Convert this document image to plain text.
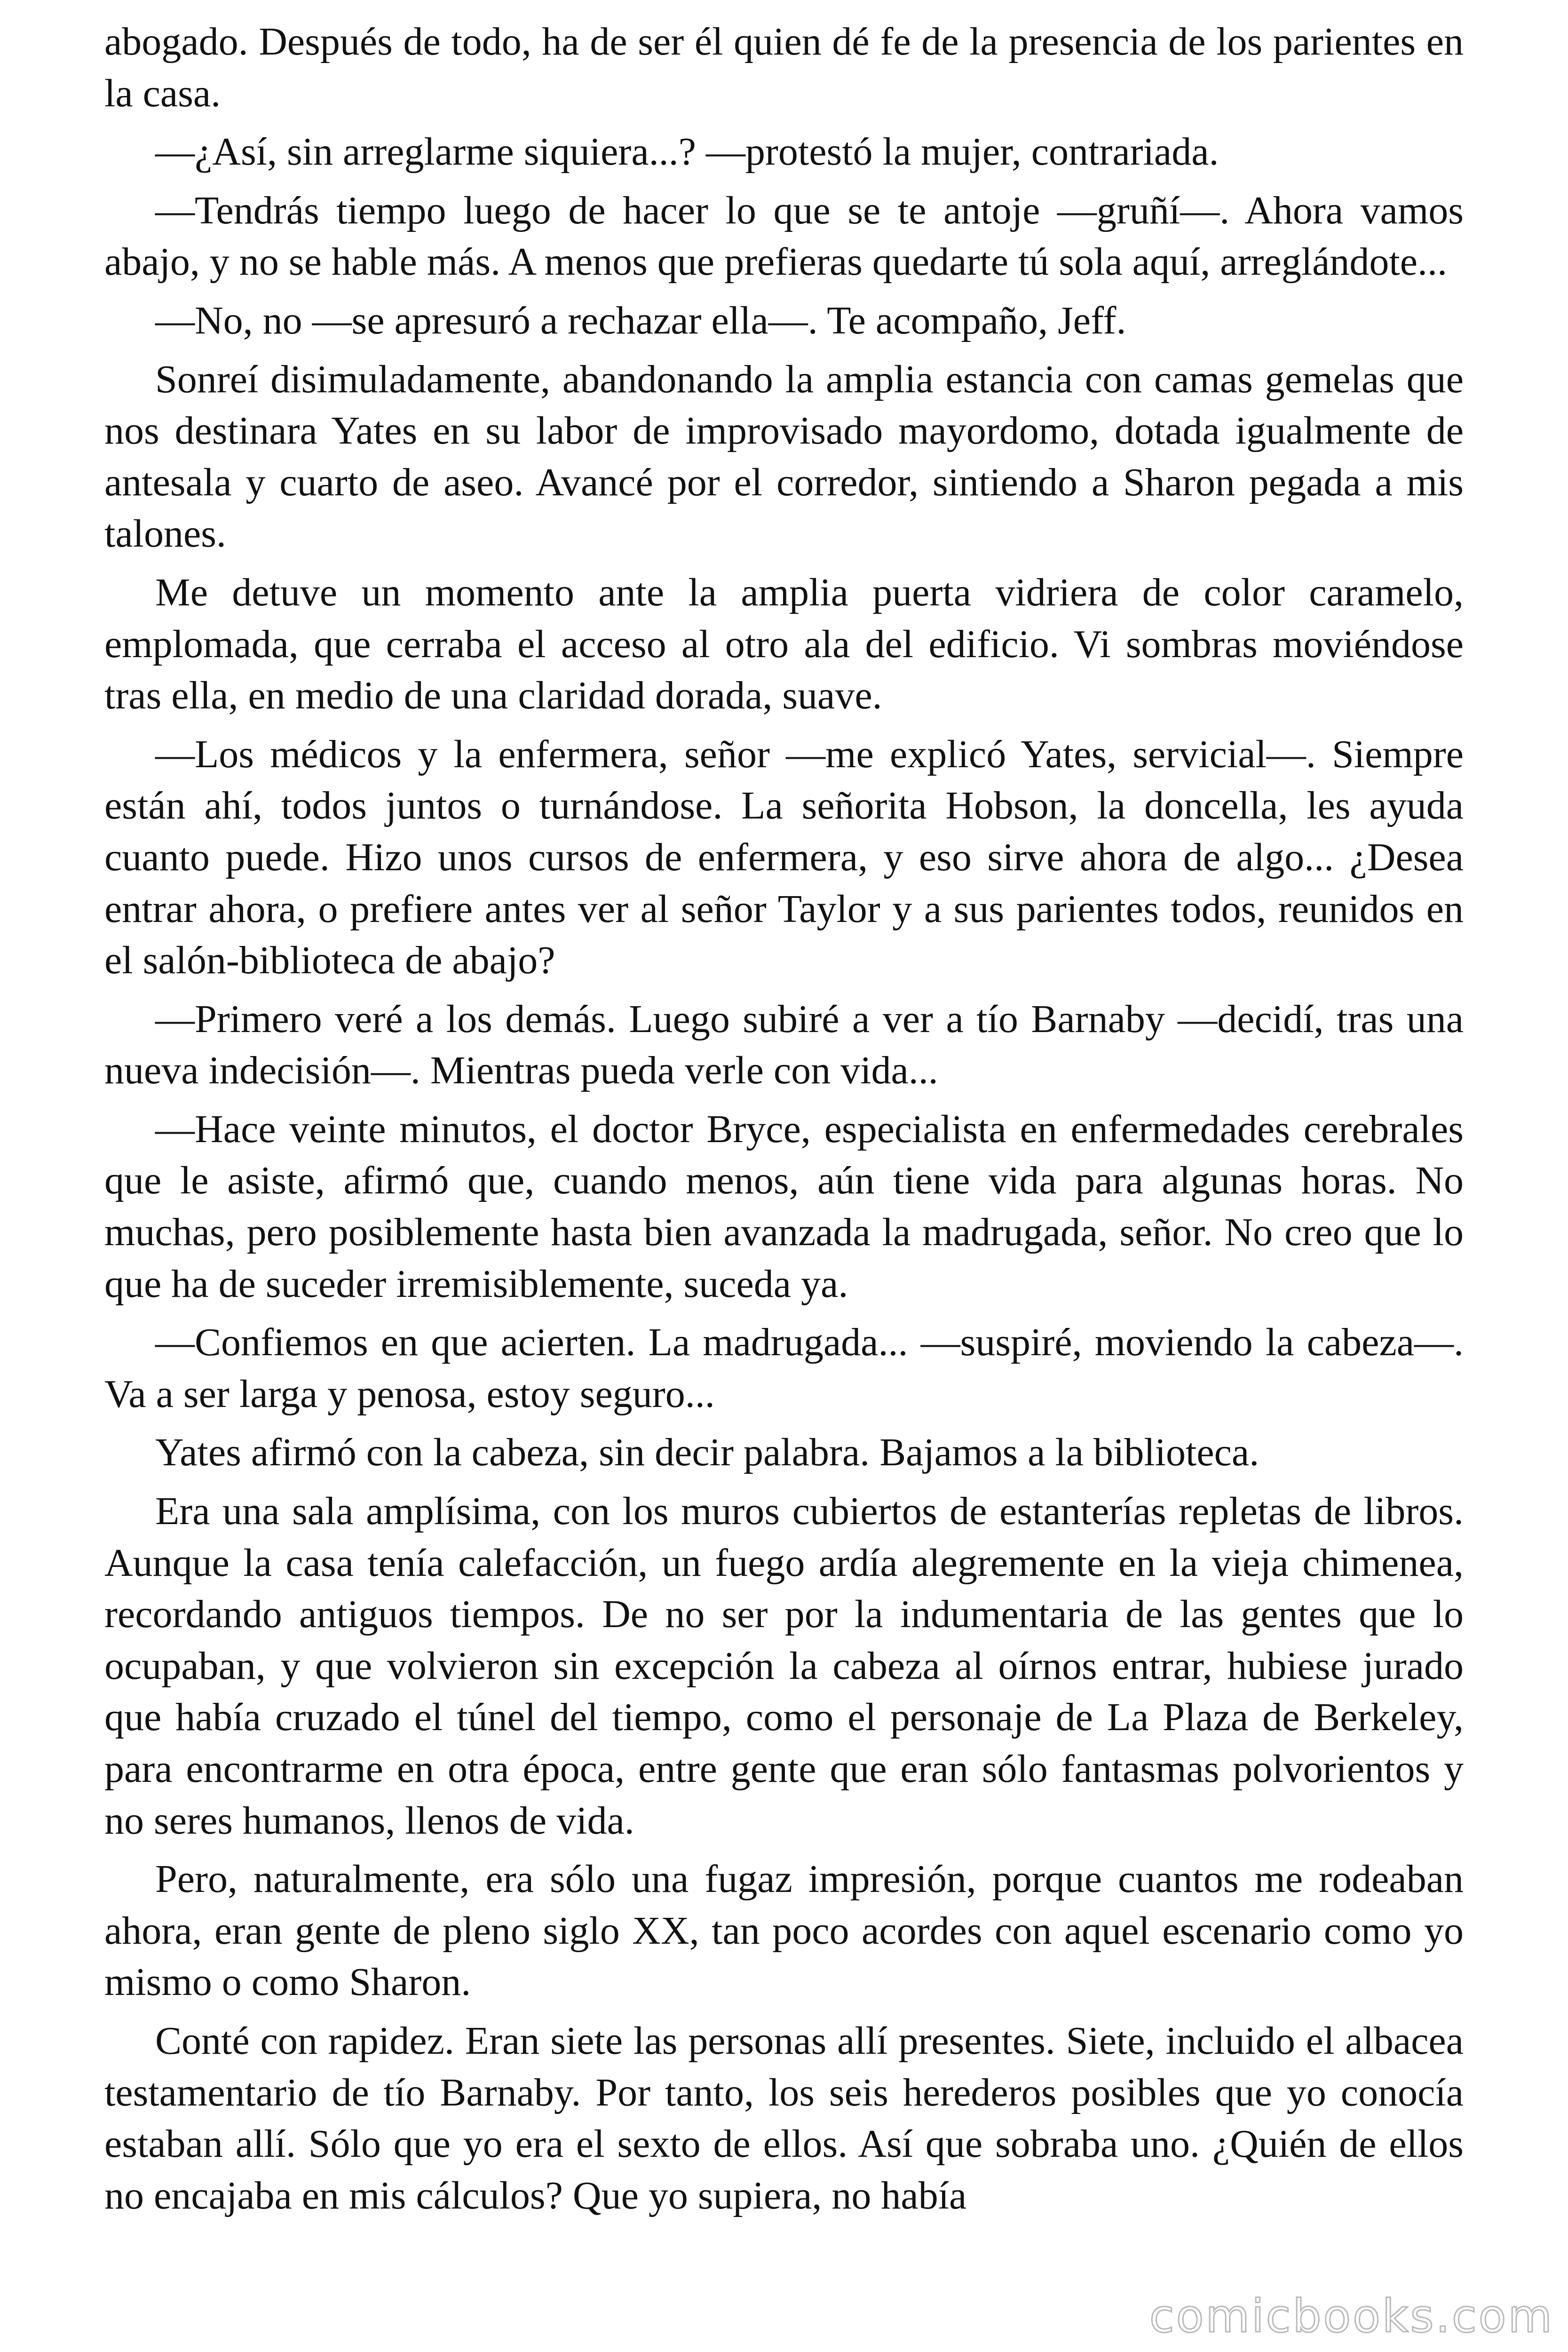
abogado. Después de todo, ha de ser él quien dé fe de la presencia de los parientes en la casa.

—¿Así, sin arreglarme siquiera...? —protestó la mujer, contrariada.

—Tendrás tiempo luego de hacer lo que se te antoje —gruñí—. Ahora vamos abajo, y no se hable más. A menos que prefieras quedarte tú sola aquí, arreglándote...

—No, no —se apresuró a rechazar ella—. Te acompaño, Jeff.

Sonreí disimuladamente, abandonando la amplia estancia con camas gemelas que nos destinara Yates en su labor de improvisado mayordomo, dotada igualmente de antesala y cuarto de aseo. Avancé por el corredor, sintiendo a Sharon pegada a mis talones.

Me detuve un momento ante la amplia puerta vidriera de color caramelo, emplomada, que cerraba el acceso al otro ala del edificio. Vi sombras moviéndose tras ella, en medio de una claridad dorada, suave.

—Los médicos y la enfermera, señor —me explicó Yates, servicial—. Siempre están ahí, todos juntos o turnándose. La señorita Hobson, la doncella, les ayuda cuanto puede. Hizo unos cursos de enfermera, y eso sirve ahora de algo... ¿Desea entrar ahora, o prefiere antes ver al señor Taylor y a sus parientes todos, reunidos en el salón-biblioteca de abajo?

—Primero veré a los demás. Luego subiré a ver a tío Barnaby —decidí, tras una nueva indecisión—. Mientras pueda verle con vida...

—Hace veinte minutos, el doctor Bryce, especialista en enfermedades cerebrales que le asiste, afirmó que, cuando menos, aún tiene vida para algunas horas. No muchas, pero posiblemente hasta bien avanzada la madrugada, señor. No creo que lo que ha de suceder irremisiblemente, suceda ya.

—Confiemos en que acierten. La madrugada... —suspiré, moviendo la cabeza—. Va a ser larga y penosa, estoy seguro...

Yates afirmó con la cabeza, sin decir palabra. Bajamos a la biblioteca.

Era una sala amplísima, con los muros cubiertos de estanterías repletas de libros. Aunque la casa tenía calefacción, un fuego ardía alegremente en la vieja chimenea, recordando antiguos tiempos. De no ser por la indumentaria de las gentes que lo ocupaban, y que volvieron sin excepción la cabeza al oírnos entrar, hubiese jurado que había cruzado el túnel del tiempo, como el personaje de La Plaza de Berkeley, para encontrarme en otra época, entre gente que eran sólo fantasmas polvorientos y no seres humanos, llenos de vida.

Pero, naturalmente, era sólo una fugaz impresión, porque cuantos me rodeaban ahora, eran gente de pleno siglo XX, tan poco acordes con aquel escenario como yo mismo o como Sharon.

Conté con rapidez. Eran siete las personas allí presentes. Siete, incluido el albacea testamentario de tío Barnaby. Por tanto, los seis herederos posibles que yo conocía estaban allí. Sólo que yo era el sexto de ellos. Así que sobraba uno. ¿Quién de ellos no encajaba en mis cálculos? Que yo supiera, no había

comicbooks.com
